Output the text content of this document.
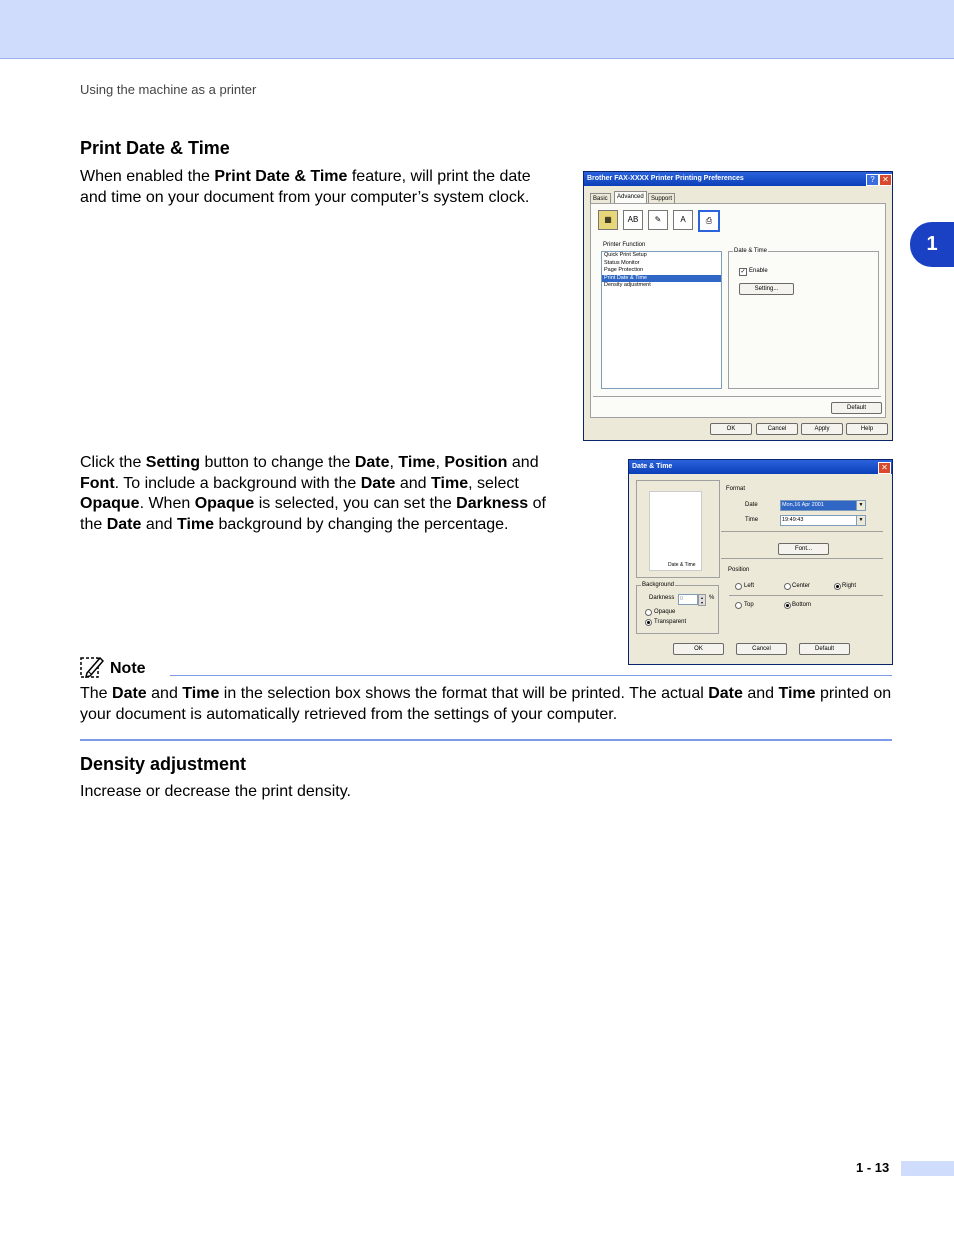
Using the machine as a printer
1
Print Date & Time
When enabled the Print Date & Time feature, will print the date and time on your document from your computer’s system clock.
Click the Setting button to change the Date, Time, Position and Font. To include a background with the Date and Time, select Opaque. When Opaque is selected, you can set the Darkness of the Date and Time background by changing the percentage.
Brother FAX-XXXX Printer Printing Preferences	? ✕
Basic	Advanced	Support
▦	AB	✎	A	⎙
Printer Function
Quick Print Setup
Status Monitor
Page Protection
Print Date & Time
Density adjustment
Date & Time
✓ Enable
Setting...
Default
OK	Cancel	Apply	Help
Date & Time	✕
Date & Time
Format
Date	Mon,16 Apr 2001	▼
Time	19:49:43	▼
Font...
Position
Left	Center	Right
Top	Bottom
Background
Darkness	0	▴
▾
%
Opaque
Transparent
OK	Cancel	Default
Note
The Date and Time in the selection box shows the format that will be printed. The actual Date and Time printed on your document is automatically retrieved from the settings of your computer.
Density adjustment
Increase or decrease the print density.
1 - 13
